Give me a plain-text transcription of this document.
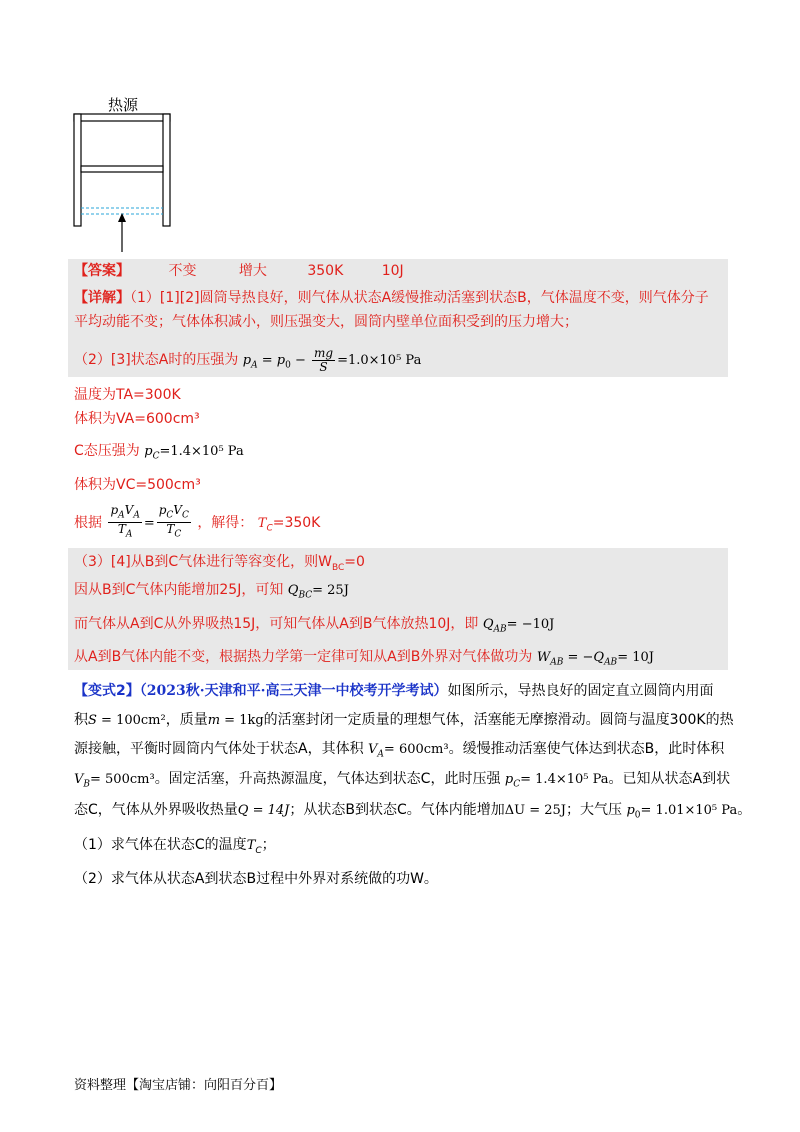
热源
【答案】	不变	增大	350K	10J
【详解】（1）[1][2]圆筒导热良好，则气体从状态A缓慢推动活塞到状态B，气体温度不变，则气体分子
平均动能不变；气体体积减小，则压强变大，圆筒内壁单位面积受到的压力增大；
（2）[3]状态A时的压强为 $p_A = p_0 - \frac{mg}{S} =1.0\times 10^5$ Pa
温度为TA=300K
体积为VA=600cm³
C态压强为 $p_C=1.4\times 10^5$ Pa
体积为VC=500cm³
根据 $\frac{p_AV_A}{T_A} = \frac{p_CV_C}{T_C}$ ，解得： $T_C=350K$
（3）[4]从B到C气体进行等容变化，则$W_{BC}=0$
因从B到C气体内能增加25J，可知 $Q_{BC}= 25J$
而气体从A到C从外界吸热15J，可知气体从A到B气体放热10J，即 $Q_{AB}= -10J$
从A到B气体内能不变，根据热力学第一定律可知从A到B外界对气体做功为 $W_{AB} = -Q_{AB}= 10J$
【变式2】（2023秋·天津和平·高三天津一中校考开学考试）如图所示，导热良好的固定直立圆筒内用面
积S = 100cm²，质量m = 1kg的活塞封闭一定质量的理想气体，活塞能无摩擦滑动。圆筒与温度300K的热
源接触，平衡时圆筒内气体处于状态A，其体积 $V_A= 600cm^3$。缓慢推动活塞使气体达到状态B，此时体积
$V_B= 500cm^3$。固定活塞，升高热源温度，气体达到状态C，此时压强 $p_C= 1.4\times 10^5$ Pa。已知从状态A到状
态C，气体从外界吸收热量Q = 14J；从状态B到状态C。气体内能增加ΔU = 25J；大气压 $p_0= 1.01\times 10^5$ Pa。
（1）求气体在状态C的温度$T_C$；
（2）求气体从状态A到状态B过程中外界对系统做的功W。
资料整理【淘宝店铺：向阳百分百】
